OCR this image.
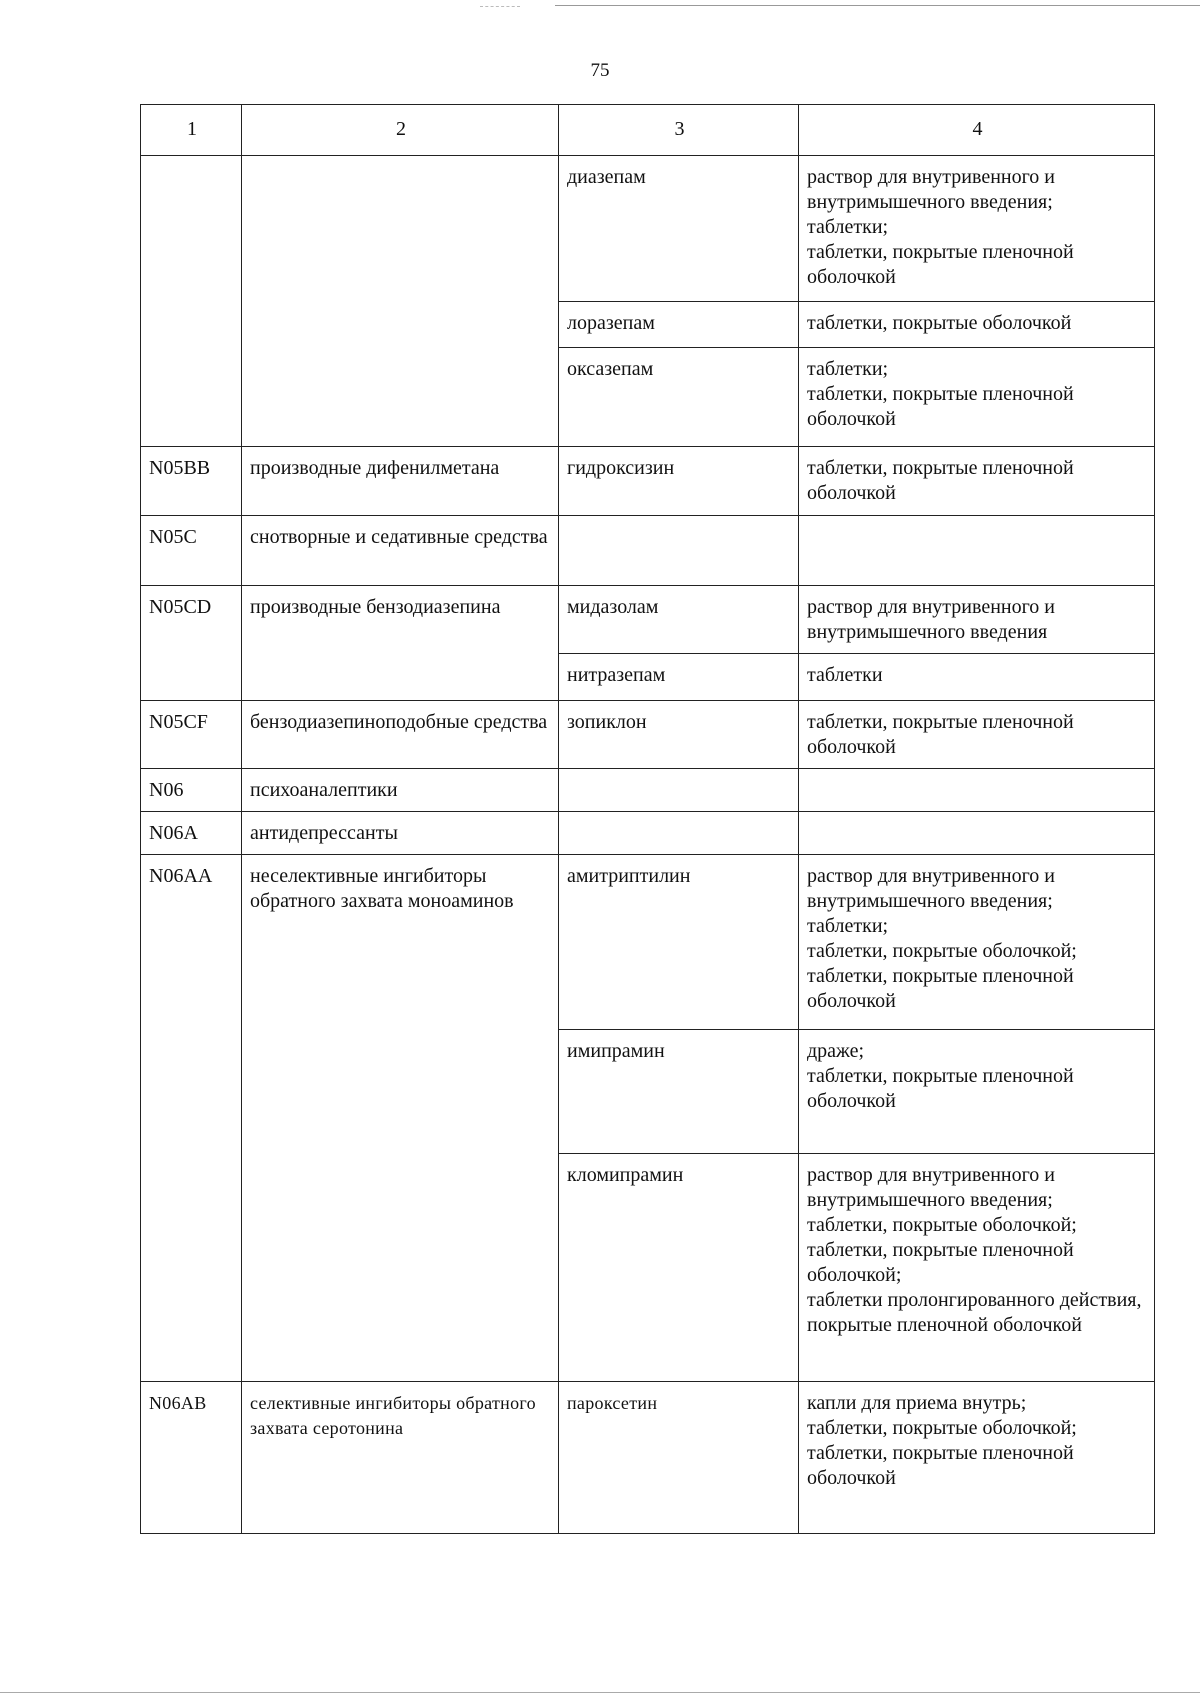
75
1	2	3	4
		диазепам	раствор для внутривенного и внутримышечного введения;
таблетки;
таблетки, покрытые пленочной оболочкой

		лоразепам	таблетки, покрытые оболочкой

		оксазепам	таблетки;
таблетки, покрытые пленочной оболочкой

N05BB	производные дифенилметана	гидроксизин	таблетки, покрытые пленочной оболочкой

N05C	снотворные и седативные средства		
N05CD	производные бензодиазепина	мидазолам	раствор для внутривенного и внутримышечного введения

		нитразепам	таблетки

N05CF	бензодиазепиноподобные средства	зопиклон	таблетки, покрытые пленочной оболочкой

N06	психоаналептики		
N06A	антидепрессанты		
N06AA	неселективные ингибиторы обратного захвата моноаминов	амитриптилин	раствор для внутривенного и внутримышечного введения;
таблетки;
таблетки, покрытые оболочкой;
таблетки, покрытые пленочной оболочкой

		имипрамин	драже;
таблетки, покрытые пленочной оболочкой

		кломипрамин	раствор для внутривенного и внутримышечного введения;
таблетки, покрытые оболочкой;
таблетки, покрытые пленочной оболочкой;
таблетки пролонгированного действия, покрытые пленочной оболочкой

N06AB	селективные ингибиторы обратного захвата серотонина	пароксетин	капли для приема внутрь;
таблетки, покрытые оболочкой;
таблетки, покрытые пленочной оболочкой
